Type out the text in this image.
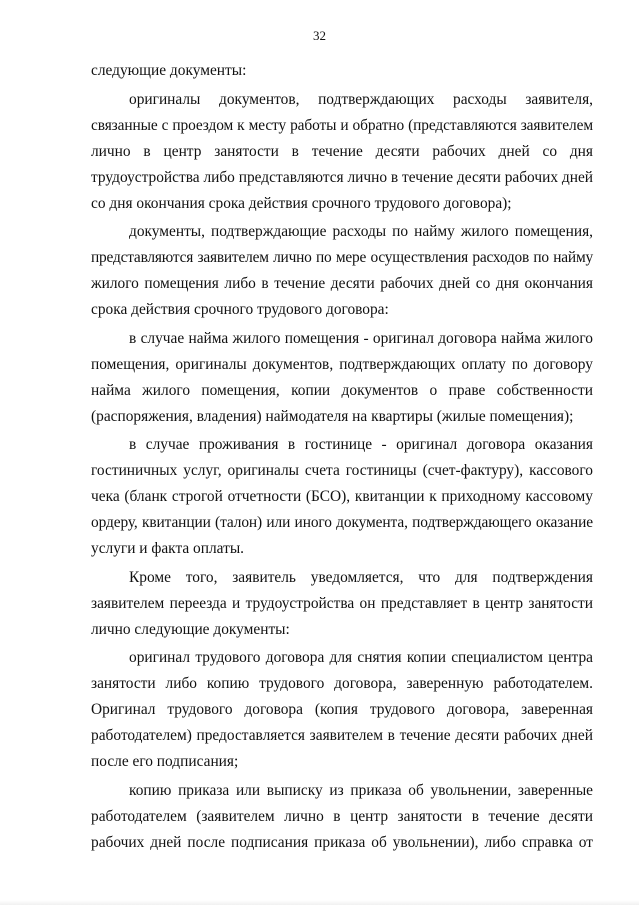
32
следующие документы:
оригиналы документов, подтверждающих расходы заявителя,
связанные с проездом к месту работы и обратно (представляются заявителем
лично в центр занятости в течение десяти рабочих дней со дня
трудоустройства либо представляются лично в течение десяти рабочих дней
со дня окончания срока действия срочного трудового договора);
документы, подтверждающие расходы по найму жилого помещения,
представляются заявителем лично по мере осуществления расходов по найму
жилого помещения либо в течение десяти рабочих дней со дня окончания
срока действия срочного трудового договора:
в случае найма жилого помещения - оригинал договора найма жилого
помещения, оригиналы документов, подтверждающих оплату по договору
найма жилого помещения, копии документов о праве собственности
(распоряжения, владения) наймодателя на квартиры (жилые помещения);
в случае проживания в гостинице - оригинал договора оказания
гостиничных услуг, оригиналы счета гостиницы (счет-фактуру), кассового
чека (бланк строгой отчетности (БСО), квитанции к приходному кассовому
ордеру, квитанции (талон) или иного документа, подтверждающего оказание
услуги и факта оплаты.
Кроме того, заявитель уведомляется, что для подтверждения
заявителем переезда и трудоустройства он представляет в центр занятости
лично следующие документы:
оригинал трудового договора для снятия копии специалистом центра
занятости либо копию трудового договора, заверенную работодателем.
Оригинал трудового договора (копия трудового договора, заверенная
работодателем) предоставляется заявителем в течение десяти рабочих дней
после его подписания;
копию приказа или выписку из приказа об увольнении, заверенные
работодателем (заявителем лично в центр занятости в течение десяти
рабочих дней после подписания приказа об увольнении), либо справка от
